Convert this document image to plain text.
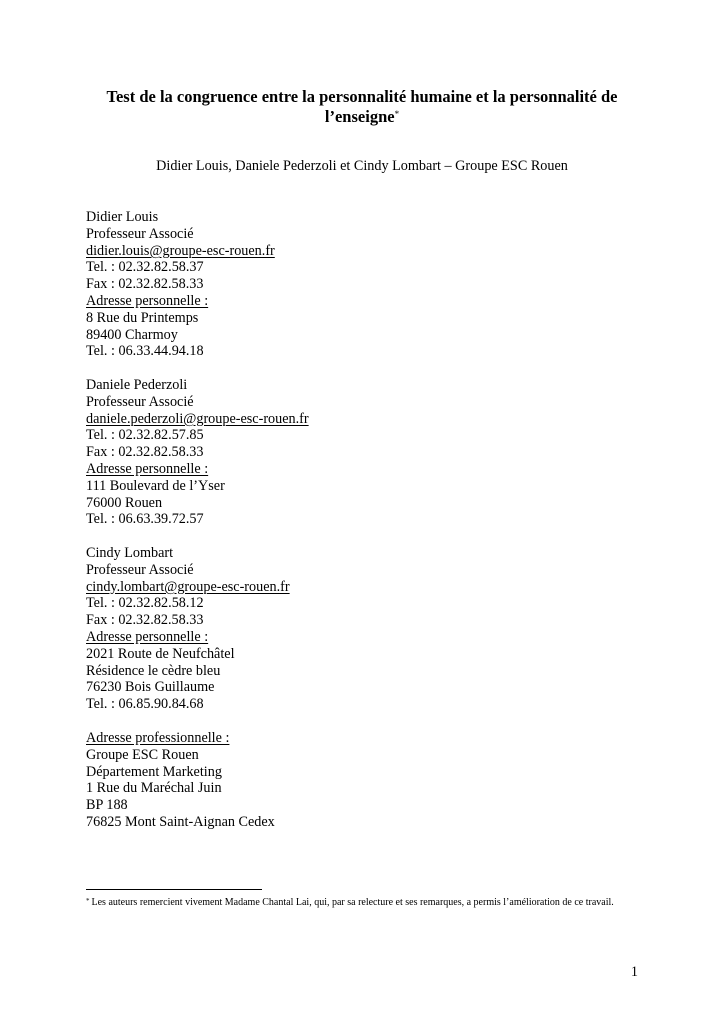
Test de la congruence entre la personnalité humaine et la personnalité de
l’enseigne*
Didier Louis, Daniele Pederzoli et Cindy Lombart – Groupe ESC Rouen
Didier Louis
Professeur Associé
didier.louis@groupe-esc-rouen.fr
Tel. : 02.32.82.58.37
Fax : 02.32.82.58.33
Adresse personnelle :
8 Rue du Printemps
89400 Charmoy
Tel. : 06.33.44.94.18
Daniele Pederzoli
Professeur Associé
daniele.pederzoli@groupe-esc-rouen.fr
Tel. : 02.32.82.57.85
Fax : 02.32.82.58.33
Adresse personnelle :
111 Boulevard de l’Yser
76000 Rouen
Tel. : 06.63.39.72.57
Cindy Lombart
Professeur Associé
cindy.lombart@groupe-esc-rouen.fr
Tel. : 02.32.82.58.12
Fax : 02.32.82.58.33
Adresse personnelle :
2021 Route de Neufchâtel
Résidence le cèdre bleu
76230 Bois Guillaume
Tel. : 06.85.90.84.68
Adresse professionnelle :
Groupe ESC Rouen
Département Marketing
1 Rue du Maréchal Juin
BP 188
76825 Mont Saint-Aignan Cedex
* Les auteurs remercient vivement Madame Chantal Lai, qui, par sa relecture et ses remarques, a permis l’amélioration de ce travail.
1
